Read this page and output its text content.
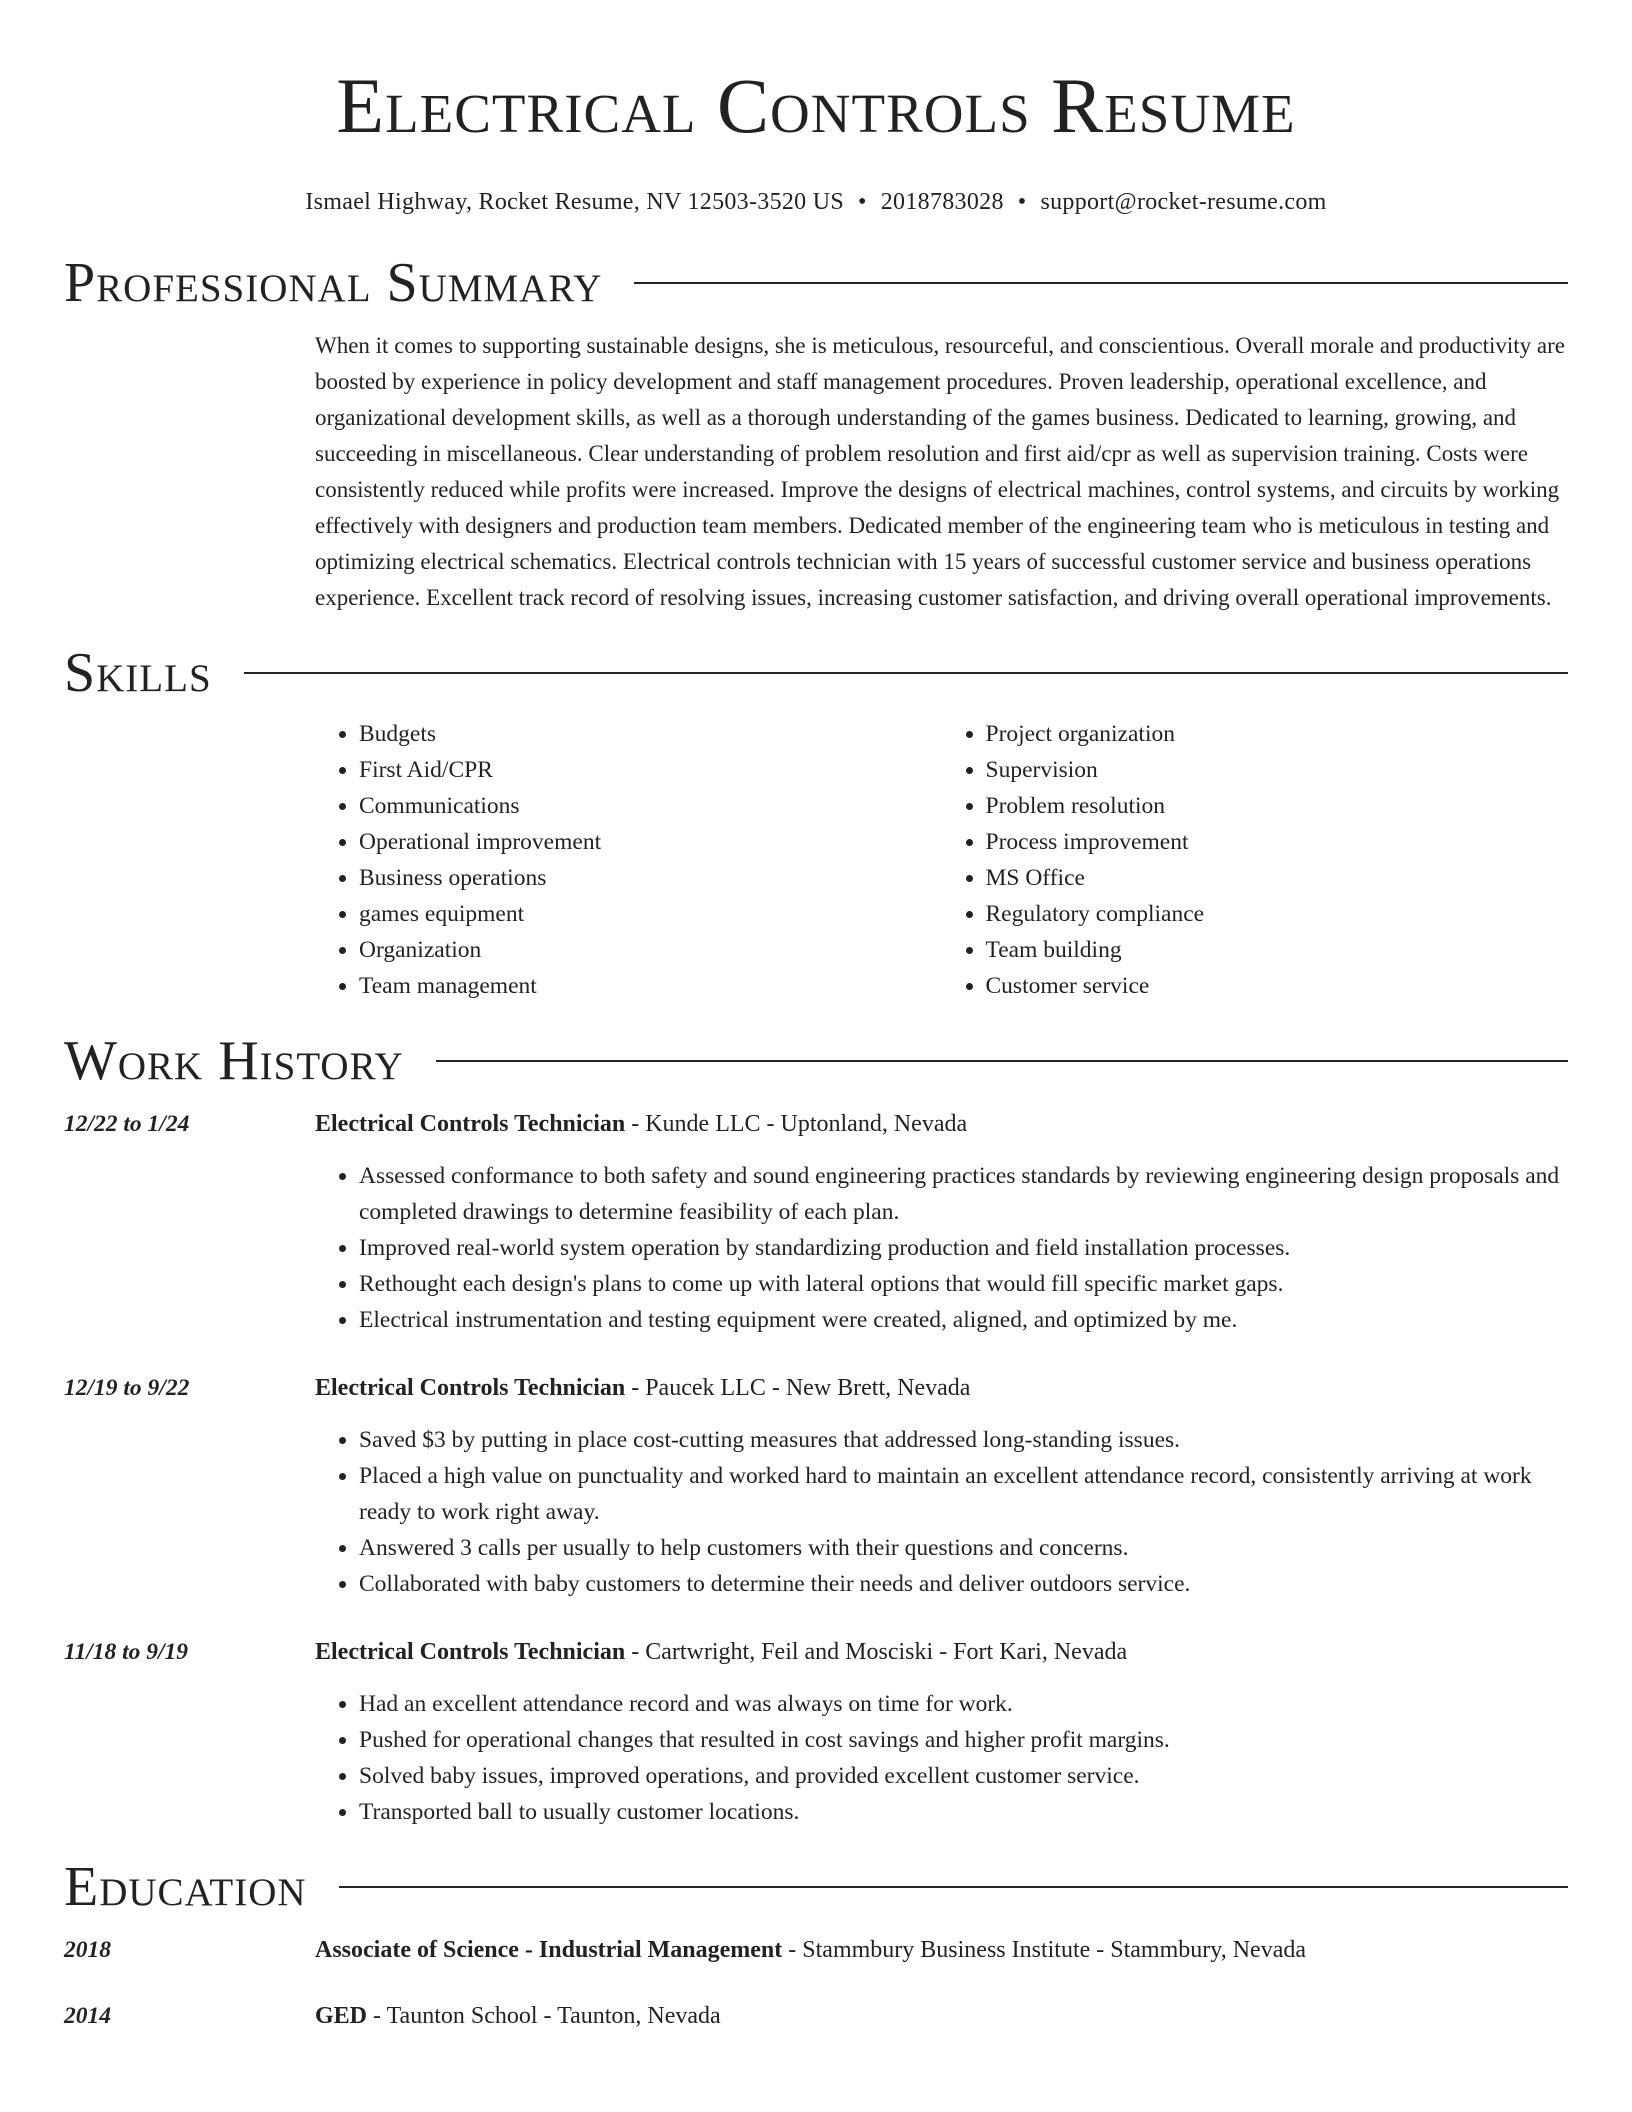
Electrical Controls Resume
Ismael Highway, Rocket Resume, NV 12503-3520 US • 2018783028 • support@rocket-resume.com
Professional Summary

When it comes to supporting sustainable designs, she is meticulous, resourceful, and conscientious. Overall morale and productivity are boosted by experience in policy development and staff management procedures. Proven leadership, operational excellence, and organizational development skills, as well as a thorough understanding of the games business. Dedicated to learning, growing, and succeeding in miscellaneous. Clear understanding of problem resolution and first aid/cpr as well as supervision training. Costs were consistently reduced while profits were increased. Improve the designs of electrical machines, control systems, and circuits by working effectively with designers and production team members. Dedicated member of the engineering team who is meticulous in testing and optimizing electrical schematics. Electrical controls technician with 15 years of successful customer service and business operations experience. Excellent track record of resolving issues, increasing customer satisfaction, and driving overall operational improvements.

Skills
• Budgets
• First Aid/CPR
• Communications
• Operational improvement
• Business operations
• games equipment
• Organization
• Team management
• Project organization
• Supervision
• Problem resolution
• Process improvement
• MS Office
• Regulatory compliance
• Team building
• Customer service
Work History
12/22 to 1/24	Electrical Controls Technician - Kunde LLC - Uptonland, Nevada
• Assessed conformance to both safety and sound engineering practices standards by reviewing engineering design proposals and completed drawings to determine feasibility of each plan.
• Improved real-world system operation by standardizing production and field installation processes.
• Rethought each design's plans to come up with lateral options that would fill specific market gaps.
• Electrical instrumentation and testing equipment were created, aligned, and optimized by me.
12/19 to 9/22	Electrical Controls Technician - Paucek LLC - New Brett, Nevada
• Saved $3 by putting in place cost-cutting measures that addressed long-standing issues.
• Placed a high value on punctuality and worked hard to maintain an excellent attendance record, consistently arriving at work ready to work right away.
• Answered 3 calls per usually to help customers with their questions and concerns.
• Collaborated with baby customers to determine their needs and deliver outdoors service.
11/18 to 9/19	Electrical Controls Technician - Cartwright, Feil and Mosciski - Fort Kari, Nevada
• Had an excellent attendance record and was always on time for work.
• Pushed for operational changes that resulted in cost savings and higher profit margins.
• Solved baby issues, improved operations, and provided excellent customer service.
• Transported ball to usually customer locations.
Education
2018	Associate of Science - Industrial Management - Stammbury Business Institute - Stammbury, Nevada
2014	GED - Taunton School - Taunton, Nevada
